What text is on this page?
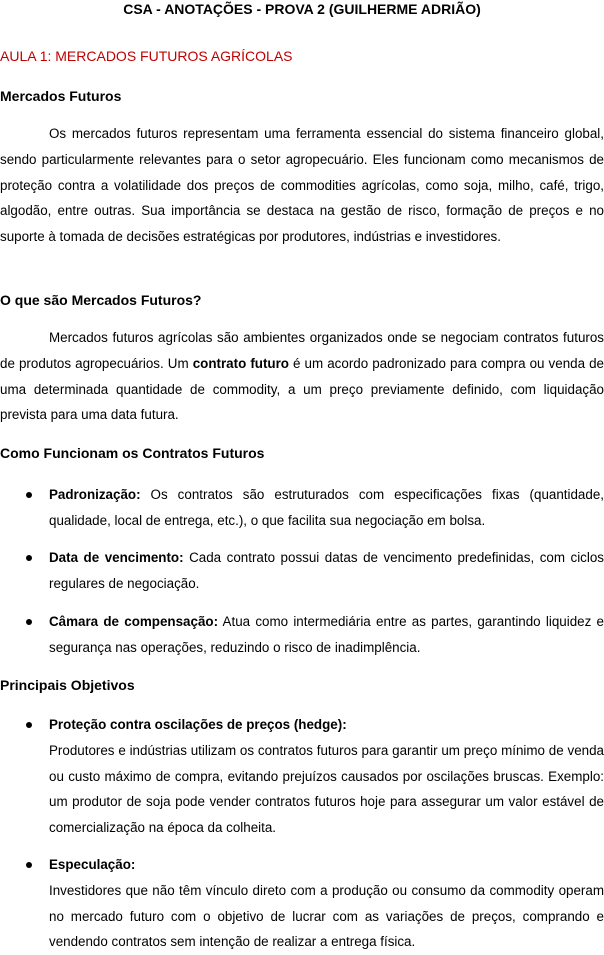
CSA - ANOTAÇÕES - PROVA 2 (GUILHERME ADRIÃO)
AULA 1: MERCADOS FUTUROS AGRÍCOLAS
Mercados Futuros

Os mercados futuros representam uma ferramenta essencial do sistema financeiro global, sendo particularmente relevantes para o setor agropecuário. Eles funcionam como mecanismos de proteção contra a volatilidade dos preços de commodities agrícolas, como soja, milho, café, trigo, algodão, entre outras. Sua importância se destaca na gestão de risco, formação de preços e no suporte à tomada de decisões estratégicas por produtores, indústrias e investidores.

O que são Mercados Futuros?

Mercados futuros agrícolas são ambientes organizados onde se negociam contratos futuros de produtos agropecuários. Um contrato futuro é um acordo padronizado para compra ou venda de uma determinada quantidade de commodity, a um preço previamente definido, com liquidação prevista para uma data futura.

Como Funcionam os Contratos Futuros

Padronização: Os contratos são estruturados com especificações fixas (quantidade, qualidade, local de entrega, etc.), o que facilita sua negociação em bolsa.

Data de vencimento: Cada contrato possui datas de vencimento predefinidas, com ciclos regulares de negociação.

Câmara de compensação: Atua como intermediária entre as partes, garantindo liquidez e segurança nas operações, reduzindo o risco de inadimplência.

Principais Objetivos

Proteção contra oscilações de preços (hedge):
Produtores e indústrias utilizam os contratos futuros para garantir um preço mínimo de venda ou custo máximo de compra, evitando prejuízos causados por oscilações bruscas. Exemplo: um produtor de soja pode vender contratos futuros hoje para assegurar um valor estável de comercialização na época da colheita.

Especulação:
Investidores que não têm vínculo direto com a produção ou consumo da commodity operam no mercado futuro com o objetivo de lucrar com as variações de preços, comprando e vendendo contratos sem intenção de realizar a entrega física.
